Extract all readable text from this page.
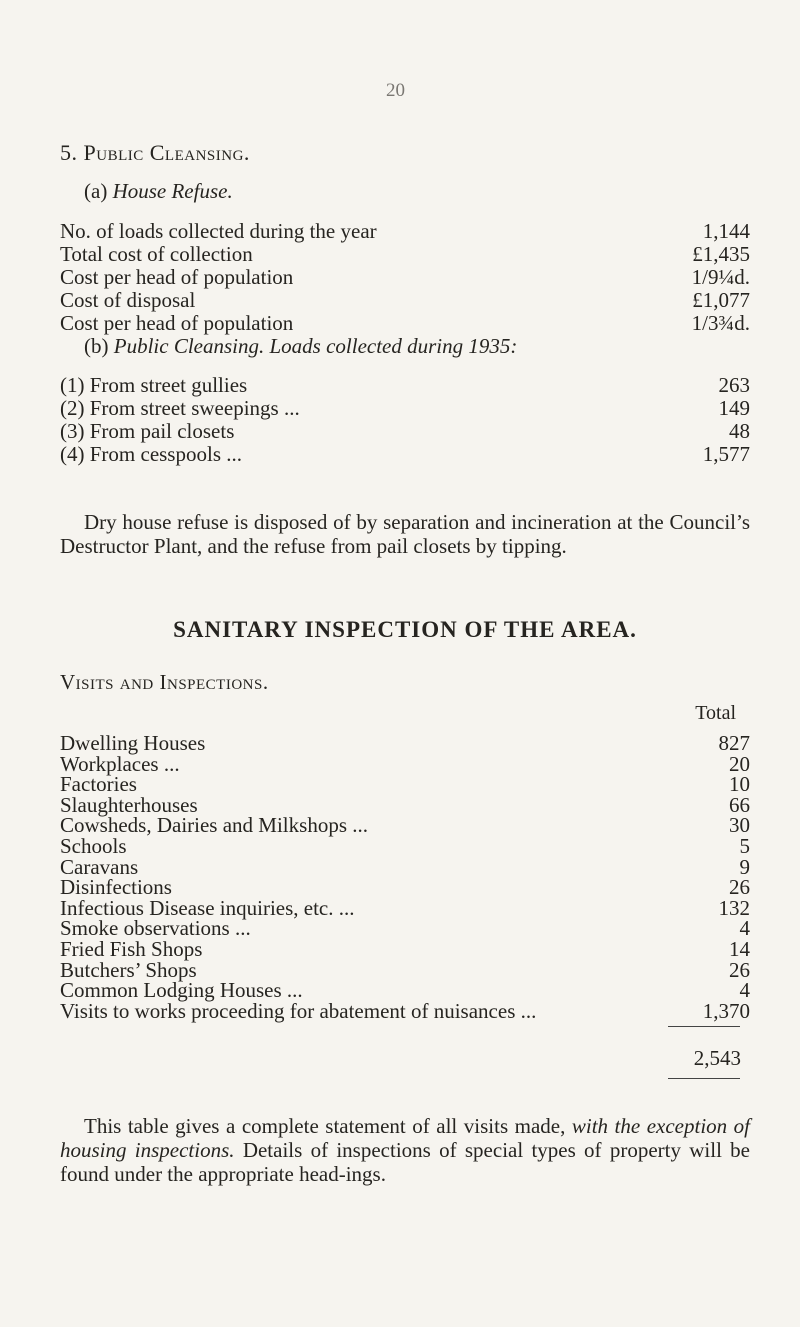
20
5. Public Cleansing.
(a) House Refuse.
No. of loads collected during the year	1,144
Total cost of collection	£1,435
Cost per head of population	1/9¼d.
Cost of disposal	£1,077
Cost per head of population	1/3¾d.
(b) Public Cleansing. Loads collected during 1935:
(1) From street gullies	263
(2) From street sweepings ...	149
(3) From pail closets	48
(4) From cesspools ...	1,577
Dry house refuse is disposed of by separation and incineration at the Council’s Destructor Plant, and the refuse from pail closets by tipping.
SANITARY INSPECTION OF THE AREA.
Visits and Inspections.
Total
Dwelling Houses	827
Workplaces ...	20
Factories	10
Slaughterhouses	66
Cowsheds, Dairies and Milkshops ...	30
Schools	5
Caravans	9
Disinfections	26
Infectious Disease inquiries, etc. ...	132
Smoke observations ...	4
Fried Fish Shops	14
Butchers’ Shops	26
Common Lodging Houses ...	4
Visits to works proceeding for abatement of nuisances ...	1,370
2,543
This table gives a complete statement of all visits made, with the exception of housing inspections. Details of inspections of special types of property will be found under the appropriate head-ings.
